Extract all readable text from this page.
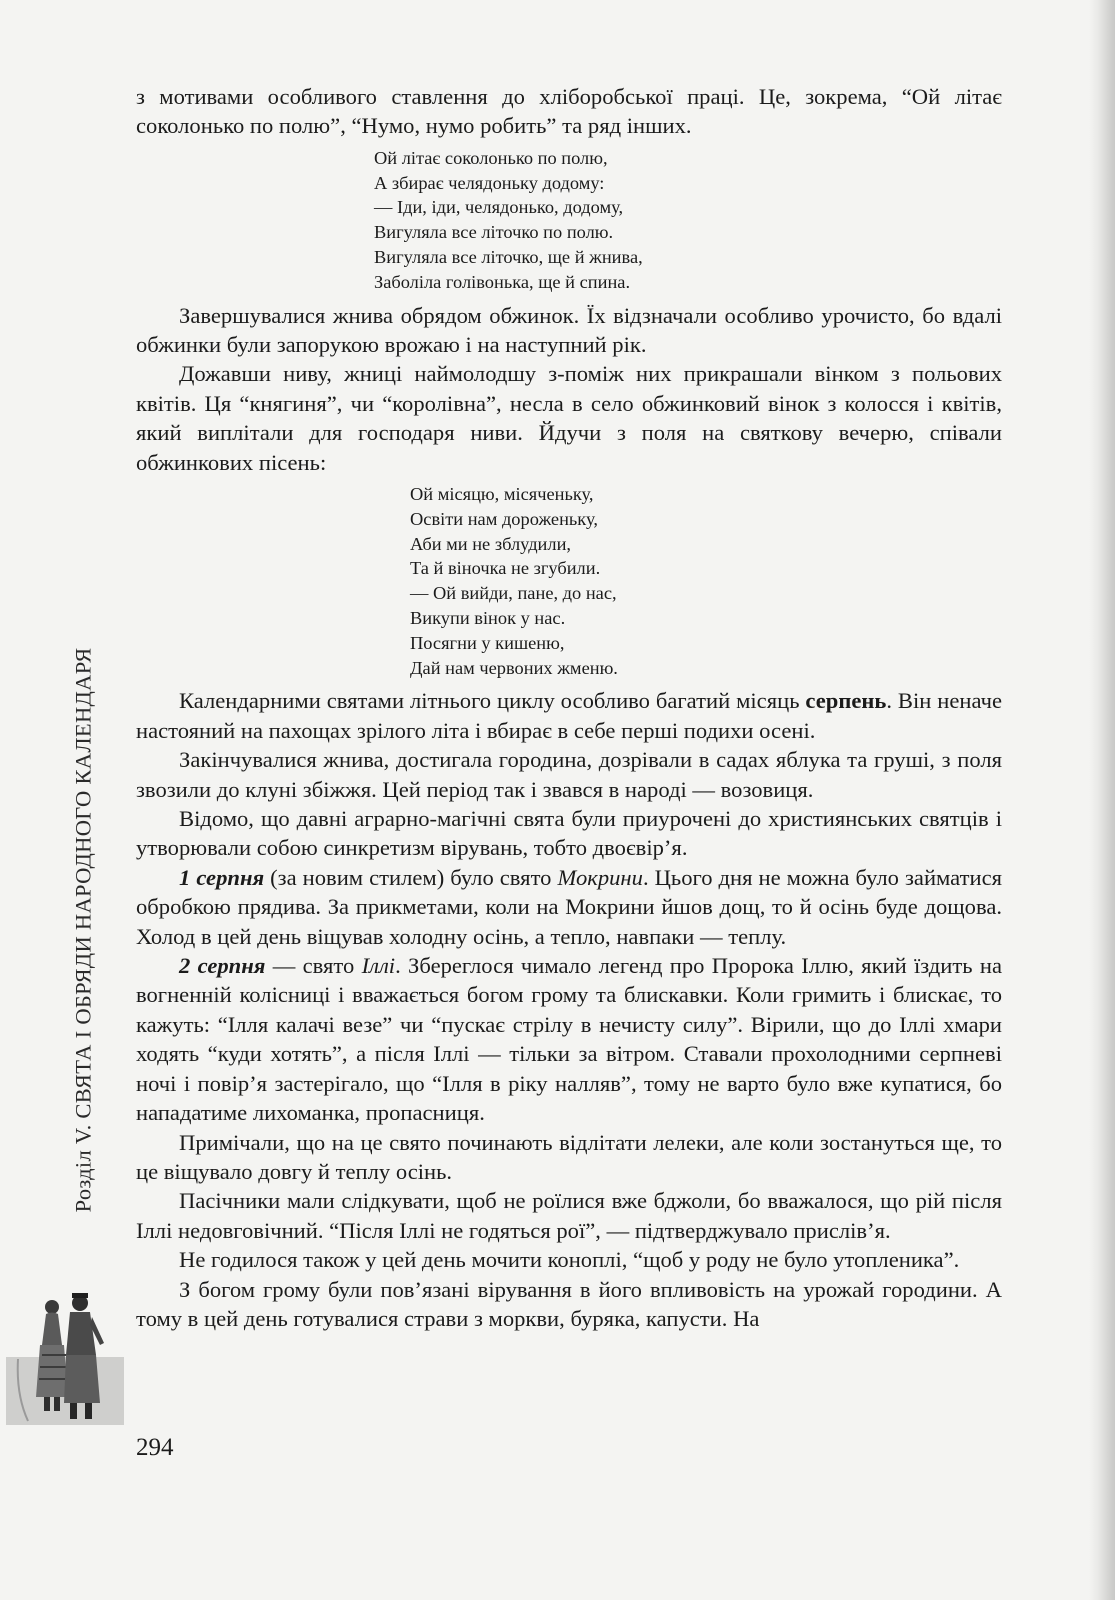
Розділ V. СВЯТА І ОБРЯДИ НАРОДНОГО КАЛЕНДАРЯ

з мотивами особливого ставлення до хліборобської праці. Це, зокрема, “Ой літає соколонько по полю”, “Нумо, нумо робить” та ряд інших.

Ой літає соколонько по полю,
А збирає челядоньку додому:
— Іди, іди, челядонько, додому,
Вигуляла все літочко по полю.
Вигуляла все літочко, ще й жнива,
Заболіла голівонька, ще й спина.

Завершувалися жнива обрядом обжинок. Їх відзначали особливо урочисто, бо вдалі обжинки були запорукою врожаю і на наступний рік.

Дожавши ниву, жниці наймолодшу з-поміж них прикрашали вінком з польових квітів. Ця “княгиня”, чи “королівна”, несла в село обжинковий вінок з колосся і квітів, який виплітали для господаря ниви. Йдучи з поля на святкову вечерю, співали обжинкових пісень:

Ой місяцю, місяченьку,
Освіти нам дороженьку,
Аби ми не зблудили,
Та й віночка не згубили.
— Ой вийди, пане, до нас,
Викупи вінок у нас.
Посягни у кишеню,
Дай нам червоних жменю.

Календарними святами літнього циклу особливо багатий місяць серпень. Він неначе настояний на пахощах зрілого літа і вбирає в себе перші подихи осені.

Закінчувалися жнива, достигала городина, дозрівали в садах яблука та груші, з поля звозили до клуні збіжжя. Цей період так і звався в народі — возовиця.

Відомо, що давні аграрно-магічні свята були приурочені до християнських святців і утворювали собою синкретизм вірувань, тобто двоєвір’я.

1 серпня (за новим стилем) було свято Мокрини. Цього дня не можна було займатися обробкою прядива. За прикметами, коли на Мокрини йшов дощ, то й осінь буде дощова. Холод в цей день віщував холодну осінь, а тепло, навпаки — теплу.

2 серпня — свято Іллі. Збереглося чимало легенд про Пророка Іллю, який їздить на вогненній колісниці і вважається богом грому та блискавки. Коли гримить і блискає, то кажуть: “Ілля калачі везе” чи “пускає стрілу в нечисту силу”. Вірили, що до Іллі хмари ходять “куди хотять”, а після Іллі — тільки за вітром. Ставали прохолодними серпневі ночі і повір’я застерігало, що “Ілля в ріку налляв”, тому не варто було вже купатися, бо нападатиме лихоманка, пропасниця.

Примічали, що на це свято починають відлітати лелеки, але коли зостануться ще, то це віщувало довгу й теплу осінь.

Пасічники мали слідкувати, щоб не роїлися вже бджоли, бо вважалося, що рій після Іллі недовговічний. “Після Іллі не годяться рої”, — підтверджувало прислів’я.

Не годилося також у цей день мочити коноплі, “щоб у роду не було утопленика”.

З богом грому були пов’язані вірування в його впливовість на урожай городини. А тому в цей день готувалися страви з моркви, буряка, капусти. На

294
